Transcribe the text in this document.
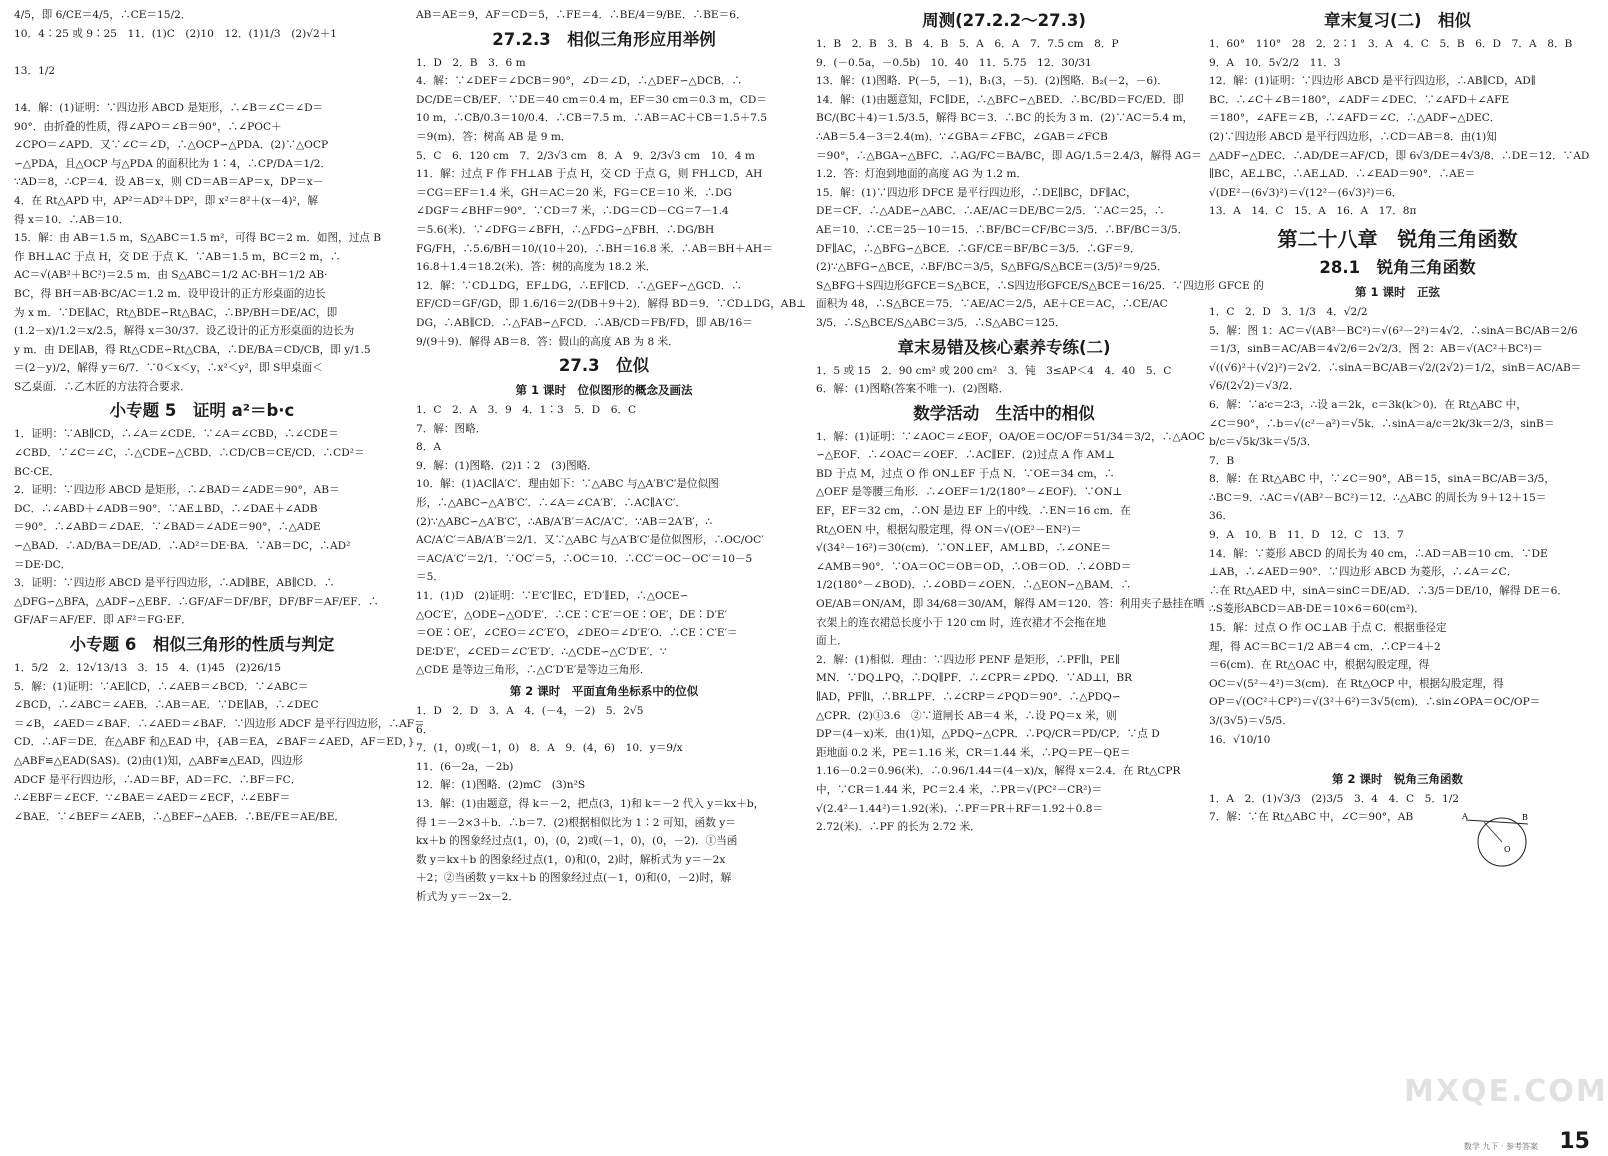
4/5，即 6/CE＝4/5，∴CE＝15/2．

10．4∶25 或 9∶25　11．(1)C　(2)10　12．(1)1/3　(2)√2＋1

13．1/2

14．解：(1)证明：∵四边形 ABCD 是矩形，∴∠B＝∠C＝∠D＝

90°．由折叠的性质，得∠APO＝∠B＝90°，∴∠POC＋

∠CPO＝∠APD．又∵∠C＝∠D，∴△OCP∽△PDA．(2)∵△OCP

∽△PDA，且△OCP 与△PDA 的面积比为 1∶4，∴CP/DA＝1/2．

∵AD＝8，∴CP＝4．设 AB＝x，则 CD＝AB＝AP＝x，DP＝x－

4．在 Rt△APD 中，AP²＝AD²＋DP²，即 x²＝8²＋(x－4)²，解

得 x＝10．∴AB＝10．

15．解：由 AB＝1.5 m，S△ABC＝1.5 m²，可得 BC＝2 m．如图，过点 B

作 BH⊥AC 于点 H，交 DE 于点 K．∵AB＝1.5 m，BC＝2 m，∴

AC＝√(AB²＋BC²)＝2.5 m．由 S△ABC＝1/2 AC·BH＝1/2 AB·

BC，得 BH＝AB·BC/AC＝1.2 m．设甲设计的正方形桌面的边长

为 x m．∵DE∥AC，Rt△BDE∽Rt△BAC，∴BP/BH＝DE/AC，即

(1.2－x)/1.2＝x/2.5，解得 x＝30/37．设乙设计的正方形桌面的边长为

y m．由 DE∥AB，得 Rt△CDE∽Rt△CBA，∴DE/BA＝CD/CB，即 y/1.5

＝(2－y)/2，解得 y＝6/7．∵0＜x＜y，∴x²＜y²，即 S甲桌面＜

S乙桌面．∴乙木匠的方法符合要求．

小专题 5　证明 a²＝b·c

1．证明：∵AB∥CD，∴∠A＝∠CDE．∵∠A＝∠CBD，∴∠CDE＝

∠CBD．∵∠C＝∠C，∴△CDE∽△CBD．∴CD/CB＝CE/CD．∴CD²＝

BC·CE．

2．证明：∵四边形 ABCD 是矩形，∴∠BAD＝∠ADE＝90°，AB＝

DC．∴∠ABD＋∠ADB＝90°．∵AE⊥BD，∴∠DAE＋∠ADB

＝90°．∴∠ABD＝∠DAE．∵∠BAD＝∠ADE＝90°，∴△ADE

∽△BAD．∴AD/BA＝DE/AD．∴AD²＝DE·BA．∵AB＝DC，∴AD²

＝DE·DC．

3．证明：∵四边形 ABCD 是平行四边形，∴AD∥BE，AB∥CD．∴

△DFG∽△BFA，△ADF∽△EBF．∴GF/AF＝DF/BF，DF/BF＝AF/EF．∴

GF/AF＝AF/EF．即 AF²＝FG·EF．

小专题 6　相似三角形的性质与判定

1．5/2　2．12√13/13　3．15　4．(1)45　(2)26/15

5．解：(1)证明：∵AE∥CD，∴∠AEB＝∠BCD．∵∠ABC＝

∠BCD，∴∠ABC＝∠AEB．∴AB＝AE．∵DE∥AB，∴∠DEC

＝∠B，∠AED＝∠BAF．∴∠AED＝∠BAF．∵四边形 ADCF 是平行四边形，∴AF＝

CD．∴AF＝DE．在△ABF 和△EAD 中，{AB＝EA，∠BAF＝∠AED，AF＝ED，}

△ABF≌△EAD(SAS)．(2)由(1)知，△ABF≌△EAD，四边形

ADCF 是平行四边形，∴AD＝BF，AD＝FC．∴BF＝FC．

∴∠EBF＝∠ECF．∵∠BAE＝∠AED＝∠ECF，∴∠EBF＝

∠BAE．∵∠BEF＝∠AEB，∴△BEF∽△AEB．∴BE/FE＝AE/BE．

AB＝AE＝9，AF＝CD＝5，∴FE＝4．∴BE/4＝9/BE．∴BE＝6．

27.2.3　相似三角形应用举例

1．D　2．B　3．6 m

4．解：∵∠DEF＝∠DCB＝90°，∠D＝∠D，∴△DEF∽△DCB．∴

DC/DE＝CB/EF．∵DE＝40 cm＝0.4 m，EF＝30 cm＝0.3 m，CD＝

10 m，∴CB/0.3＝10/0.4．∴CB＝7.5 m．∴AB＝AC＋CB＝1.5＋7.5

＝9(m)．答：树高 AB 是 9 m．

5．C　6．120 cm　7．2/3√3 cm　8．A　9．2/3√3 cm　10．4 m

11．解：过点 F 作 FH⊥AB 于点 H，交 CD 于点 G，则 FH⊥CD，AH

＝CG＝EF＝1.4 米，GH＝AC＝20 米，FG＝CE＝10 米．∴DG

∠DGF＝∠BHF＝90°．∵CD＝7 米，∴DG＝CD－CG＝7－1.4

＝5.6(米)．∵∠DFG＝∠BFH，∴△FDG∽△FBH．∴DG/BH

FG/FH，∴5.6/BH＝10/(10＋20)．∴BH＝16.8 米．∴AB＝BH＋AH＝

16.8＋1.4＝18.2(米)．答：树的高度为 18.2 米．

12．解：∵CD⊥DG，EF⊥DG，∴EF∥CD．∴△GEF∽△GCD．∴

EF/CD＝GF/GD，即 1.6/16＝2/(DB＋9＋2)．解得 BD＝9．∵CD⊥DG，AB⊥

DG，∴AB∥CD．∴△FAB∽△FCD．∴AB/CD＝FB/FD，即 AB/16＝

9/(9＋9)．解得 AB＝8．答：假山的高度 AB 为 8 米．

27.3　位似

第 1 课时　位似图形的概念及画法

1．C　2．A　3．9　4．1∶3　5．D　6．C

7．解：图略．

8．A

9．解：(1)图略．(2)1∶2　(3)图略．

10．解：(1)AC∥A′C′．理由如下：∵△ABC 与△A′B′C′是位似图

形，∴△ABC∽△A′B′C′．∴∠A＝∠CA′B′．∴AC∥A′C′．

(2)∵△ABC∽△A′B′C′，∴AB/A′B′＝AC/A′C′．∵AB＝2A′B′，∴

AC/A′C′＝AB/A′B′＝2/1．又∵△ABC 与△A′B′C′是位似图形，∴OC/OC′

＝AC/A′C′＝2/1．∵OC′＝5，∴OC＝10．∴CC′＝OC－OC′＝10－5

＝5．

11．(1)D　(2)证明：∵E′C′∥EC，E′D′∥ED，∴△OCE∽

△OC′E′，△ODE∽△OD′E′．∴CE∶C′E′＝OE∶OE′，DE∶D′E′

＝OE∶OE′，∠CEO＝∠C′E′O，∠DEO＝∠D′E′O．∴CE∶C′E′＝

DE∶D′E′，∠CED＝∠C′E′D′．∴△CDE∽△C′D′E′．∵

△CDE 是等边三角形，∴△C′D′E′是等边三角形．

第 2 课时　平面直角坐标系中的位似

1．D　2．D　3．A　4．(－4，－2)　5．2√5

6．

7．(1，0)或(－1，0)　8．A　9．(4，6)　10．y＝9/x

11．(6－2a，－2b)

12．解：(1)图略．(2)mC　(3)n²S

13．解：(1)由题意，得 k＝－2，把点(3，1)和 k＝－2 代入 y＝kx＋b，

得 1＝－2×3＋b．∴b＝7．(2)根据相似比为 1∶2 可知，函数 y＝

kx＋b 的图象经过点(1，0)，(0，2)或(－1，0)，(0，－2)．①当函

数 y＝kx＋b 的图象经过点(1，0)和(0，2)时，解析式为 y＝－2x

＋2；②当函数 y＝kx＋b 的图象经过点(－1，0)和(0，－2)时，解

析式为 y＝－2x－2．

周测(27.2.2～27.3)

1．B　2．B　3．B　4．B　5．A　6．A　7．7.5 cm　8．P

9．(－0.5a，－0.5b)　10．40　11．5.75　12．30/31

13．解：(1)图略．P(－5，－1)，B₁(3，－5)．(2)图略．B₂(－2，－6)．

14．解：(1)由题意知，FC∥DE，∴△BFC∽△BED．∴BC/BD＝FC/ED．即

BC/(BC＋4)＝1.5/3.5，解得 BC＝3．∴BC 的长为 3 m．(2)∵AC＝5.4 m，

∴AB＝5.4－3＝2.4(m)．∵∠GBA＝∠FBC，∠GAB＝∠FCB

＝90°，∴△BGA∽△BFC．∴AG/FC＝BA/BC，即 AG/1.5＝2.4/3，解得 AG＝

1.2．答：灯泡到地面的高度 AG 为 1.2 m．

15．解：(1)∵四边形 DFCE 是平行四边形，∴DE∥BC，DF∥AC，

DE＝CF．∴△ADE∽△ABC．∴AE/AC＝DE/BC＝2/5．∵AC＝25，∴

AE＝10．∴CE＝25－10＝15．∴BF/BC＝CF/BC＝3/5．∴BF/BC＝3/5．

DF∥AC，∴△BFG∽△BCE．∴GF/CE＝BF/BC＝3/5．∴GF＝9．

(2)∵△BFG∽△BCE，∴BF/BC＝3/5，S△BFG/S△BCE＝(3/5)²＝9/25．

S△BFG＋S四边形GFCE＝S△BCE，∴S四边形GFCE/S△BCE＝16/25．∵四边形 GFCE 的

面积为 48，∴S△BCE＝75．∵AE/AC＝2/5，AE＋CE＝AC，∴CE/AC

3/5．∴S△BCE/S△ABC＝3/5．∴S△ABC＝125．

章末易错及核心素养专练(二)

1．5 或 15　2．90 cm² 或 200 cm²　3．钝　3≤AP＜4　4．40　5．C

6．解：(1)图略(答案不唯一)．(2)图略．

数学活动　生活中的相似

1．解：(1)证明：∵∠AOC＝∠EOF，OA/OE＝OC/OF＝51/34＝3/2，∴△AOC

∽△EOF．∴∠OAC＝∠OEF．∴AC∥EF．(2)过点 A 作 AM⊥

BD 于点 M，过点 O 作 ON⊥EF 于点 N．∵OE＝34 cm，∴

△OEF 是等腰三角形．∴∠OEF＝1/2(180°－∠EOF)．∵ON⊥

EF，EF＝32 cm，∴ON 是边 EF 上的中线．∴EN＝16 cm．在

Rt△OEN 中，根据勾股定理，得 ON＝√(OE²－EN²)＝

√(34²－16²)＝30(cm)．∵ON⊥EF，AM⊥BD，∴∠ONE＝

∠AMB＝90°．∵OA＝OC＝OB＝OD，∴OB＝OD．∴∠OBD＝

1/2(180°－∠BOD)．∴∠OBD＝∠OEN．∴△EON∽△BAM．∴

OE/AB＝ON/AM，即 34/68＝30/AM，解得 AM＝120．答：利用夹子悬挂在晒

衣架上的连衣裙总长度小于 120 cm 时，连衣裙才不会拖在地

面上．

2．解：(1)相似．理由：∵四边形 PENF 是矩形，∴PF∥l，PE∥

MN．∵DQ⊥PQ，∴DQ∥PF．∴∠CPR＝∠PDQ．∵AD⊥l，BR

∥AD，PF∥l，∴BR⊥PF．∴∠CRP＝∠PQD＝90°．∴△PDQ∽

△CPR．(2)①3.6　②∵道闸长 AB＝4 米，∴设 PQ＝x 米，则

DP＝(4－x)米．由(1)知，△PDQ∽△CPR．∴PQ/CR＝PD/CP．∵点 D

距地面 0.2 米，PE＝1.16 米，CR＝1.44 米，∴PQ＝PE－QE＝

1.16－0.2＝0.96(米)．∴0.96/1.44＝(4－x)/x，解得 x＝2.4．在 Rt△CPR

中，∵CR＝1.44 米，PC＝2.4 米，∴PR＝√(PC²－CR²)＝

√(2.4²－1.44²)＝1.92(米)．∴PF＝PR＋RF＝1.92＋0.8＝

2.72(米)．∴PF 的长为 2.72 米．

章末复习(二)　相似

1．60°　110°　28　2．2∶1　3．A　4．C　5．B　6．D　7．A　8．B

9．A　10．5√2/2　11．3

12．解：(1)证明：∵四边形 ABCD 是平行四边形，∴AB∥CD，AD∥

BC．∴∠C＋∠B＝180°，∠ADF＝∠DEC．∵∠AFD＋∠AFE

＝180°，∠AFE＝∠B，∴∠AFD＝∠C．∴△ADF∽△DEC．

(2)∵四边形 ABCD 是平行四边形，∴CD＝AB＝8．由(1)知

△ADF∽△DEC．∴AD/DE＝AF/CD，即 6√3/DE＝4√3/8．∴DE＝12．∵AD

∥BC，AE⊥BC，∴AE⊥AD．∴∠EAD＝90°．∴AE＝

√(DE²－(6√3)²)＝√(12²－(6√3)²)＝6．

13．A　14．C　15．A　16．A　17．8π

第二十八章　锐角三角函数

28.1　锐角三角函数

第 1 课时　正弦

1．C　2．D　3．1/3　4．√2/2

5．解：图 1：AC＝√(AB²－BC²)＝√(6²－2²)＝4√2．∴sinA＝BC/AB＝2/6

＝1/3，sinB＝AC/AB＝4√2/6＝2√2/3．图 2：AB＝√(AC²＋BC²)＝

√((√6)²＋(√2)²)＝2√2．∴sinA＝BC/AB＝√2/(2√2)＝1/2，sinB＝AC/AB＝

√6/(2√2)＝√3/2．

6．解：∵a∶c＝2∶3，∴设 a＝2k，c＝3k(k＞0)．在 Rt△ABC 中，

∠C＝90°，∴b＝√(c²－a²)＝√5k．∴sinA＝a/c＝2k/3k＝2/3，sinB＝

b/c＝√5k/3k＝√5/3．

7．B

8．解：在 Rt△ABC 中，∵∠C＝90°，AB＝15，sinA＝BC/AB＝3/5，

∴BC＝9．∴AC＝√(AB²－BC²)＝12．∴△ABC 的周长为 9＋12＋15＝

36．

9．A　10．B　11．D　12．C　13．7

14．解：∵菱形 ABCD 的周长为 40 cm，∴AD＝AB＝10 cm．∵DE

⊥AB，∴∠AED＝90°．∵四边形 ABCD 为菱形，∴∠A＝∠C．

∴在 Rt△AED 中，sinA＝sinC＝DE/AD．∴3/5＝DE/10，解得 DE＝6．

∴S菱形ABCD＝AB·DE＝10×6＝60(cm²)．

15．解：过点 O 作 OC⊥AB 于点 C．根据垂径定

理，得 AC＝BC＝1/2 AB＝4 cm．∴CP＝4＋2

＝6(cm)．在 Rt△OAC 中，根据勾股定理，得

OC＝√(5²－4²)＝3(cm)．在 Rt△OCP 中，根据勾股定理，得

OP＝√(OC²＋CP²)＝√(3²＋6²)＝3√5(cm)．∴sin∠OPA＝OC/OP＝

3/(3√5)＝√5/5．

16．√10/10

第 2 课时　锐角三角函数

1．A　2．(1)√3/3　(2)3/5　3．4　4．C　5．1/2

7．解：∵在 Rt△ABC 中，∠C＝90°，AB	A	B
O
MXQE.COM
数学 九下 · 参考答案 15
